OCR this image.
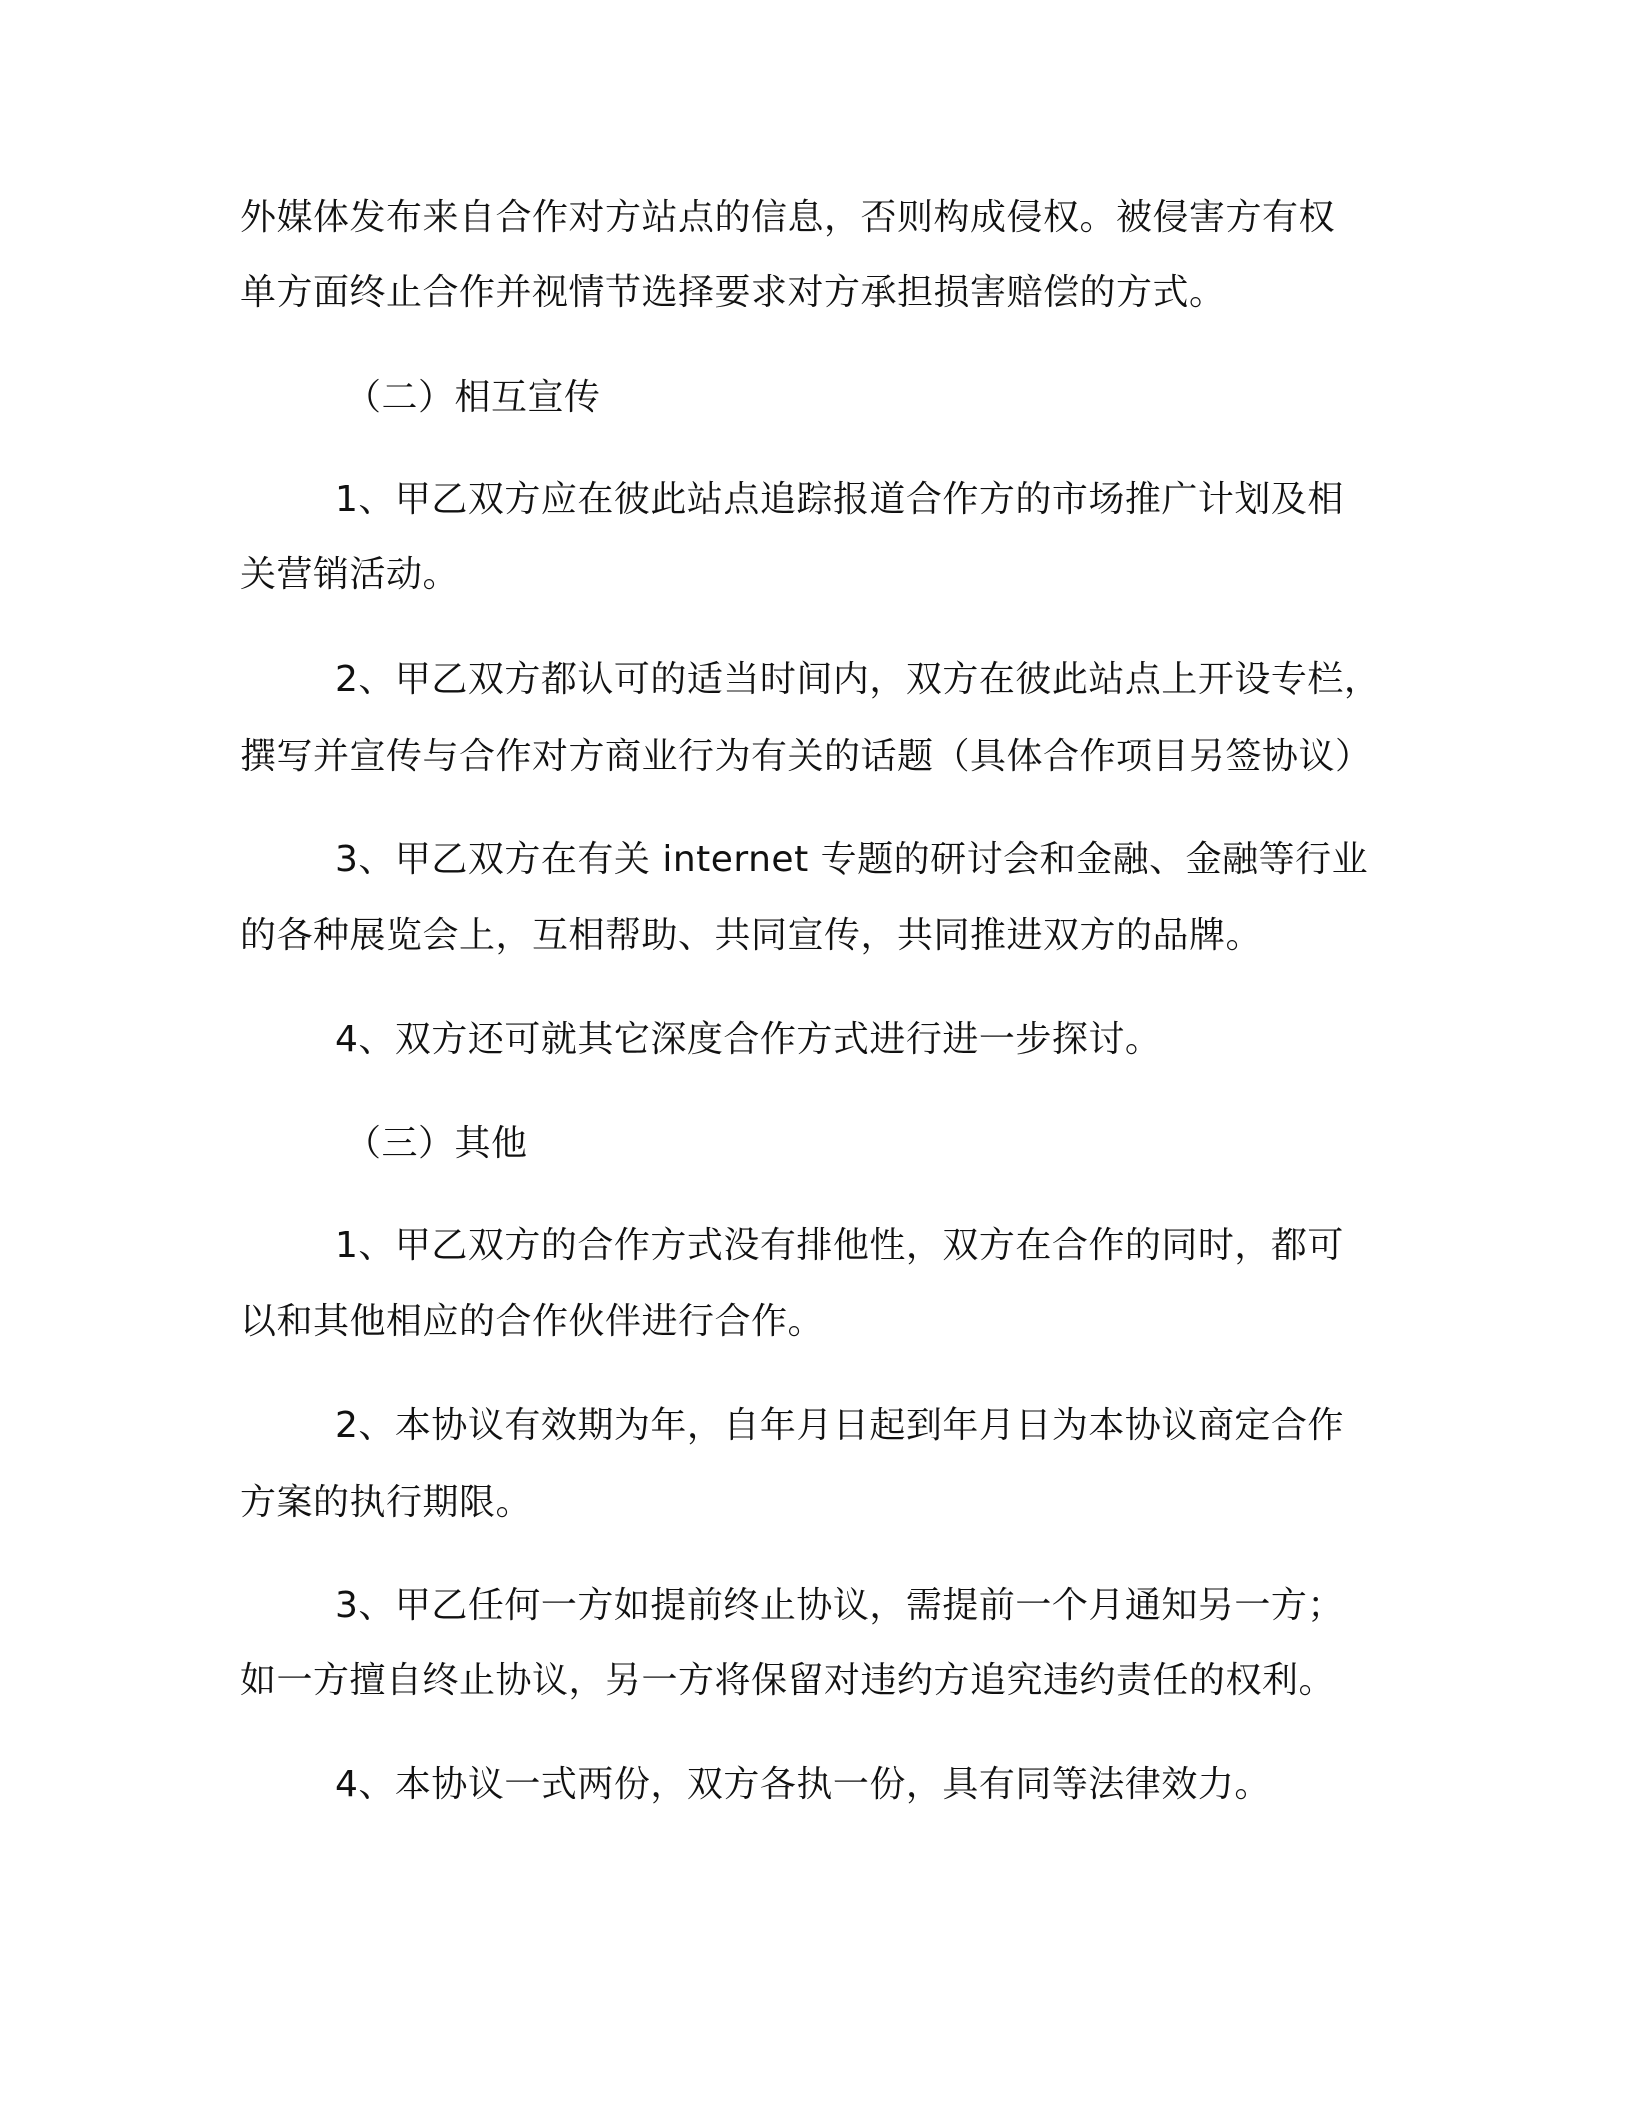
外媒体发布来自合作对方站点的信息，否则构成侵权。被侵害方有权
单方面终止合作并视情节选择要求对方承担损害赔偿的方式。
（二）相互宣传
1、甲乙双方应在彼此站点追踪报道合作方的市场推广计划及相
关营销活动。
2、甲乙双方都认可的适当时间内，双方在彼此站点上开设专栏，
撰写并宣传与合作对方商业行为有关的话题（具体合作项目另签协议）
3、甲乙双方在有关 internet 专题的研讨会和金融、金融等行业
的各种展览会上，互相帮助、共同宣传，共同推进双方的品牌。
4、双方还可就其它深度合作方式进行进一步探讨。
（三）其他
1、甲乙双方的合作方式没有排他性，双方在合作的同时，都可
以和其他相应的合作伙伴进行合作。
2、本协议有效期为年，自年月日起到年月日为本协议商定合作
方案的执行期限。
3、甲乙任何一方如提前终止协议，需提前一个月通知另一方；
如一方擅自终止协议，另一方将保留对违约方追究违约责任的权利。
4、本协议一式两份，双方各执一份，具有同等法律效力。
